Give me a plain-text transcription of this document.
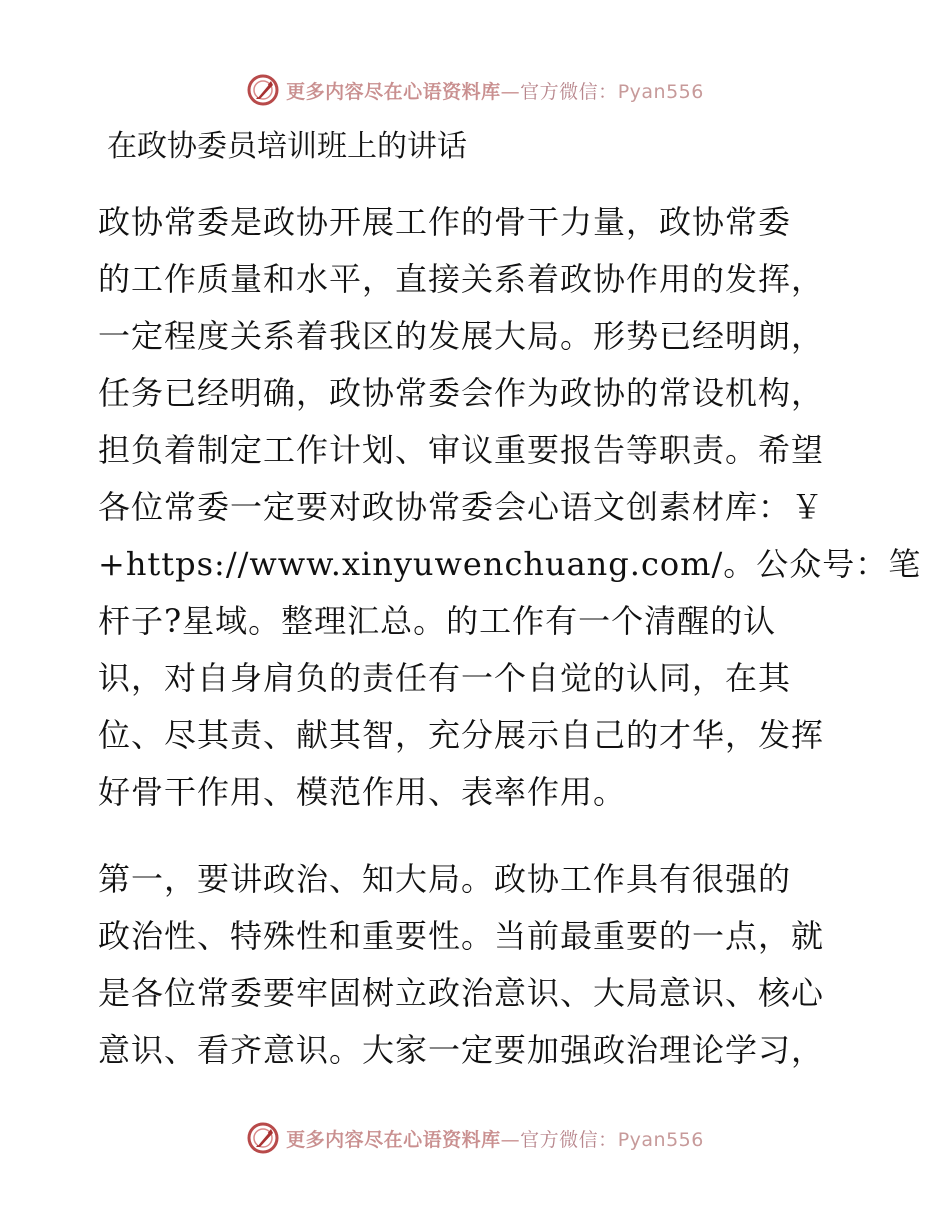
更多内容尽在心语资料库—官方微信：Pyan556
在政协委员培训班上的讲话
政协常委是政协开展工作的骨干力量，政协常委
的工作质量和水平，直接关系着政协作用的发挥，
一定程度关系着我区的发展大局。形势已经明朗，
任务已经明确，政协常委会作为政协的常设机构，
担负着制定工作计划、审议重要报告等职责。希望
各位常委一定要对政协常委会心语文创素材库：￥
+https://www.xinyuwenchuang.com/。公众号：笔
杆子?星域。整理汇总。的工作有一个清醒的认
识，对自身肩负的责任有一个自觉的认同，在其
位、尽其责、献其智，充分展示自己的才华，发挥
好骨干作用、模范作用、表率作用。
第一，要讲政治、知大局。政协工作具有很强的
政治性、特殊性和重要性。当前最重要的一点，就
是各位常委要牢固树立政治意识、大局意识、核心
意识、看齐意识。大家一定要加强政治理论学习，
更多内容尽在心语资料库—官方微信：Pyan556
